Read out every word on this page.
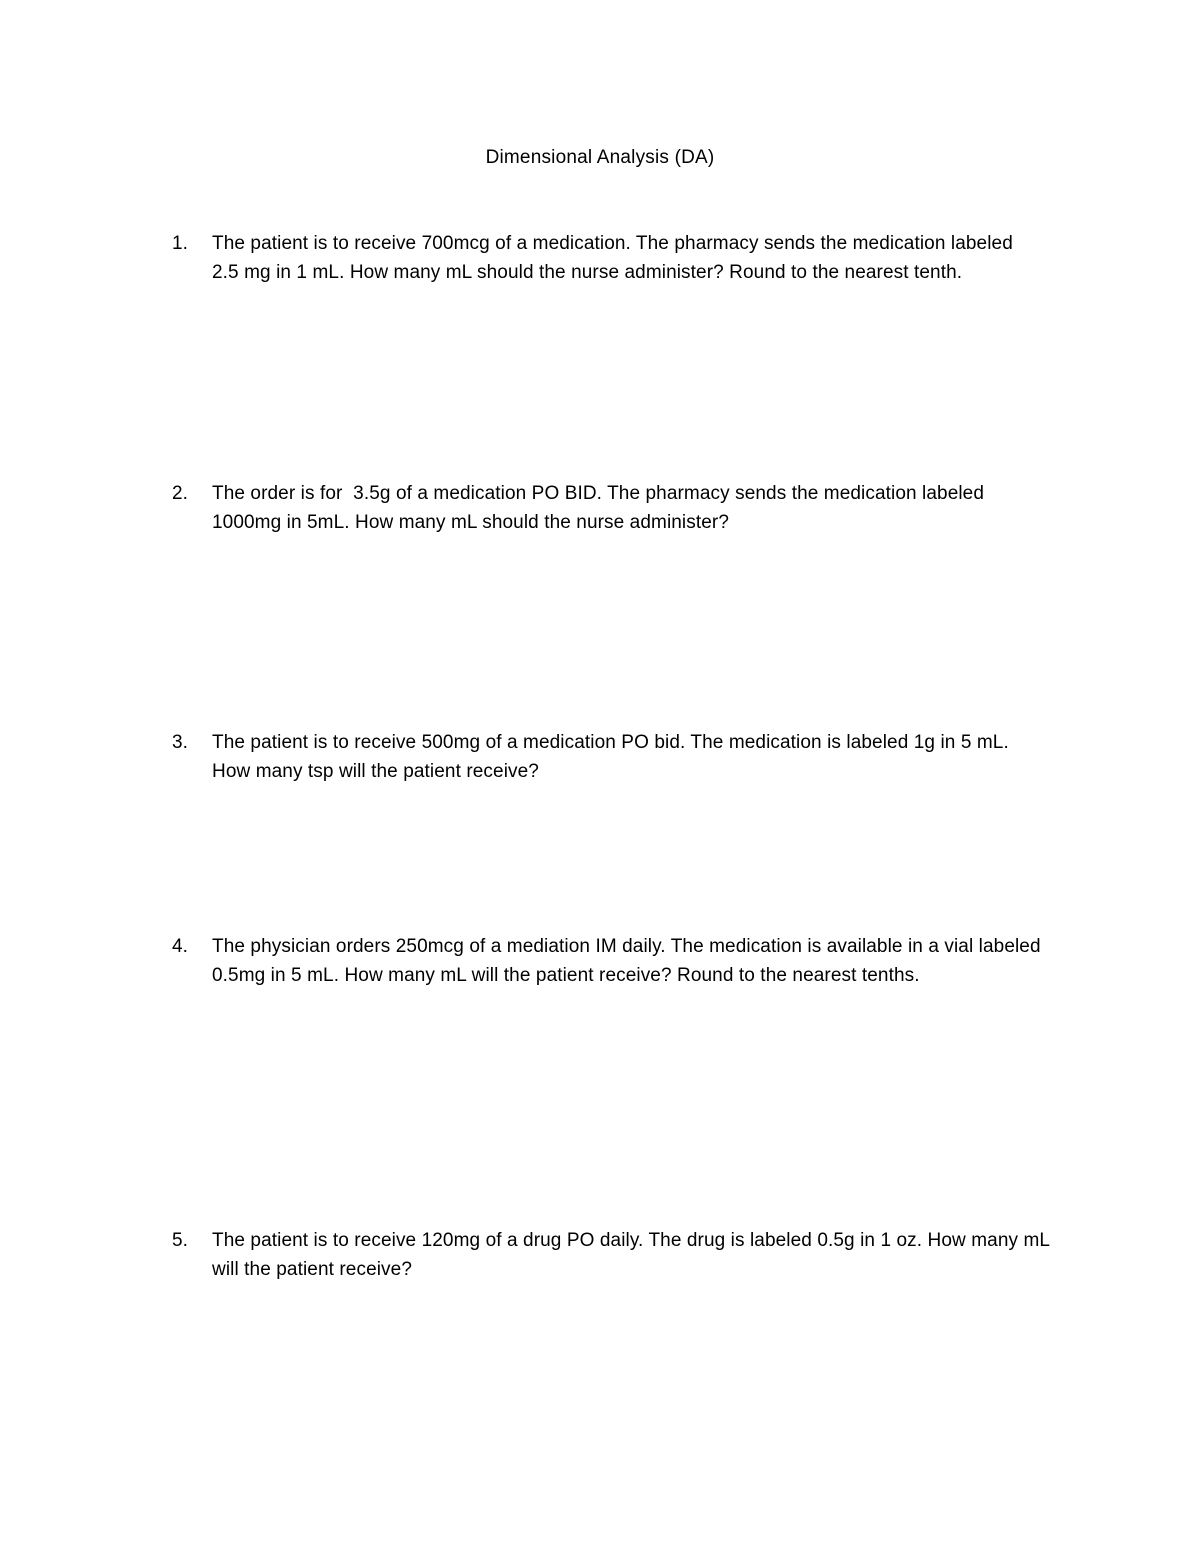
Dimensional Analysis (DA)
1.	The patient is to receive 700mcg of a medication. The pharmacy sends the medication labeled
2.5 mg in 1 mL. How many mL should the nurse administer? Round to the nearest tenth.
2.	The order is for  3.5g of a medication PO BID. The pharmacy sends the medication labeled
1000mg in 5mL. How many mL should the nurse administer?
3.	The patient is to receive 500mg of a medication PO bid. The medication is labeled 1g in 5 mL.
How many tsp will the patient receive?
4.	The physician orders 250mcg of a mediation IM daily. The medication is available in a vial labeled
0.5mg in 5 mL. How many mL will the patient receive? Round to the nearest tenths.
5.	The patient is to receive 120mg of a drug PO daily. The drug is labeled 0.5g in 1 oz. How many mL
will the patient receive?
